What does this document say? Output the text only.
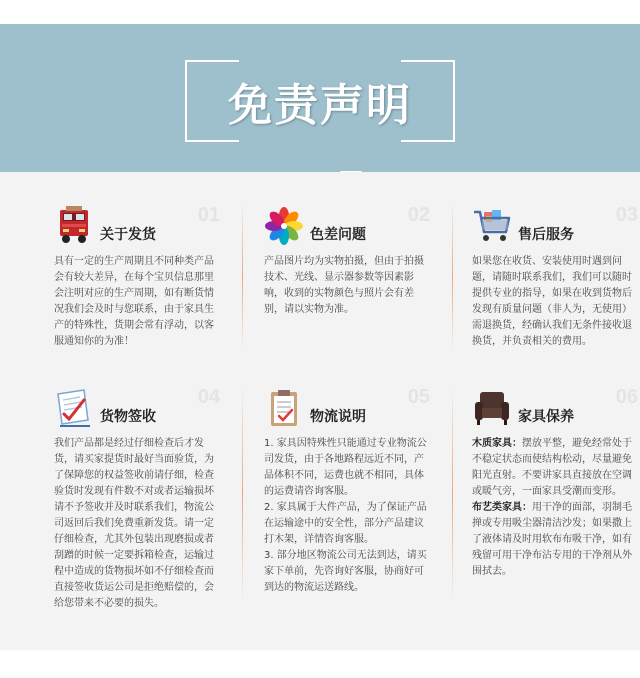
免责声明
01
关于发货

具有一定的生产周期且不同种类产品会有较大差异，在每个宝贝信息那里会注明对应的生产周期，如有断货情况我们会及时与您联系，由于家具生产的特殊性，货期会常有浮动，以客服通知你的为准！

02
色差问题

产品图片均为实物拍摄，但由于拍摄技术、光线、显示器参数等因素影响，收到的实物颜色与照片会有差别，请以实物为准。

03
售后服务

如果您在收货、安装使用时遇到问题，请随时联系我们，我们可以随时提供专业的指导，如果在收到货物后发现有质量问题（非人为，无使用）需退换货，经确认我们无条件接收退换货，并负责相关的费用。

04
货物签收

我们产品都是经过仔细检查后才发货，请买家提货时最好当面验货，为了保障您的权益签收前请仔细，检查验货时发现有件数不对或者运输损坏请不予签收并及时联系我们，物流公司返回后我们免费重新发货。请一定仔细检查，尤其外包装出现磨损或者刮蹭的时候一定要拆箱检查，运输过程中造成的货物损坏如不仔细检查而直接签收货运公司是拒绝赔偿的，会给您带来不必要的损失。

05
物流说明

1. 家具因特殊性只能通过专业物流公司发货，由于各地路程远近不同，产品体积不同，运费也就不相同，具体的运费请咨询客服。

2. 家具属于大件产品，为了保证产品在运输途中的安全性，部分产品建议打木架，详情咨询客服。

3. 部分地区物流公司无法到达，请买家下单前，先咨询好客服，协商好可到达的物流运送路线。

06
家具保养

木质家具：摆放平整，避免经常处于不稳定状态而使结构松动，尽量避免阳光直射。不要讲家具直接放在空调或暖气旁，一面家具受潮而变形。

布艺类家具：用干净的面部，羽制毛掸或专用吸尘器清洁沙发；如果撒上了液体请及时用软布布吸干净，如有残留可用干净布沾专用的干净剂从外围拭去。
